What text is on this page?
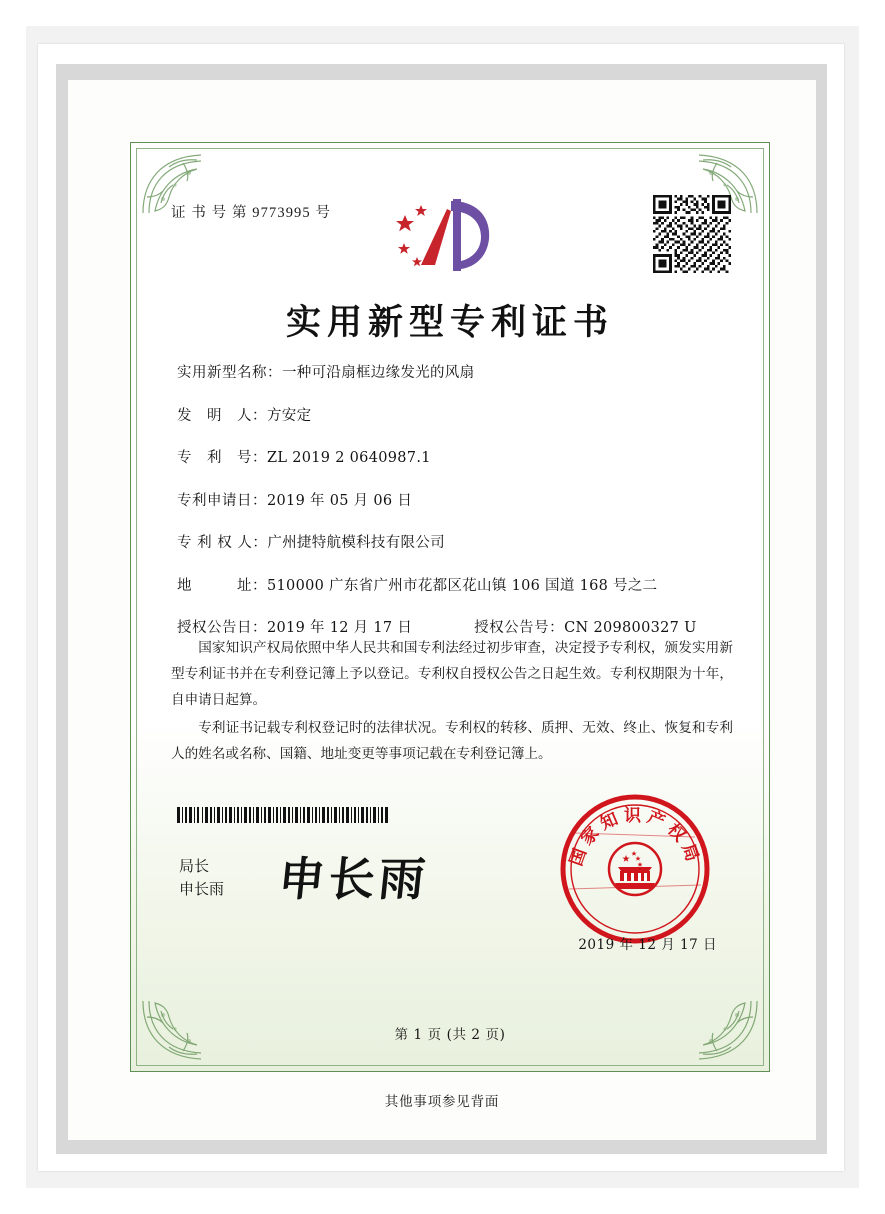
证 书 号 第 9773995 号
实用新型专利证书
实用新型名称： 一种可沿扇框边缘发光的风扇
发　明　人： 方安定
专　利　号： ZL 2019 2 0640987.1
专利申请日： 2019 年 05 月 06 日
专 利 权 人： 广州捷特航模科技有限公司
地　　　址： 510000 广东省广州市花都区花山镇 106 国道 168 号之二
授权公告日： 2019 年 12 月 17 日	授权公告号： CN 209800327 U

国家知识产权局依照中华人民共和国专利法经过初步审查，决定授予专利权，颁发实用新型专利证书并在专利登记簿上予以登记。专利权自授权公告之日起生效。专利权期限为十年，自申请日起算。

专利证书记载专利权登记时的法律状况。专利权的转移、质押、无效、终止、恢复和专利人的姓名或名称、国籍、地址变更等事项记载在专利登记簿上。

局长
申长雨 申长雨	国家知识产权局
2019 年 12 月 17 日
第 1 页 (共 2 页)
其他事项参见背面
